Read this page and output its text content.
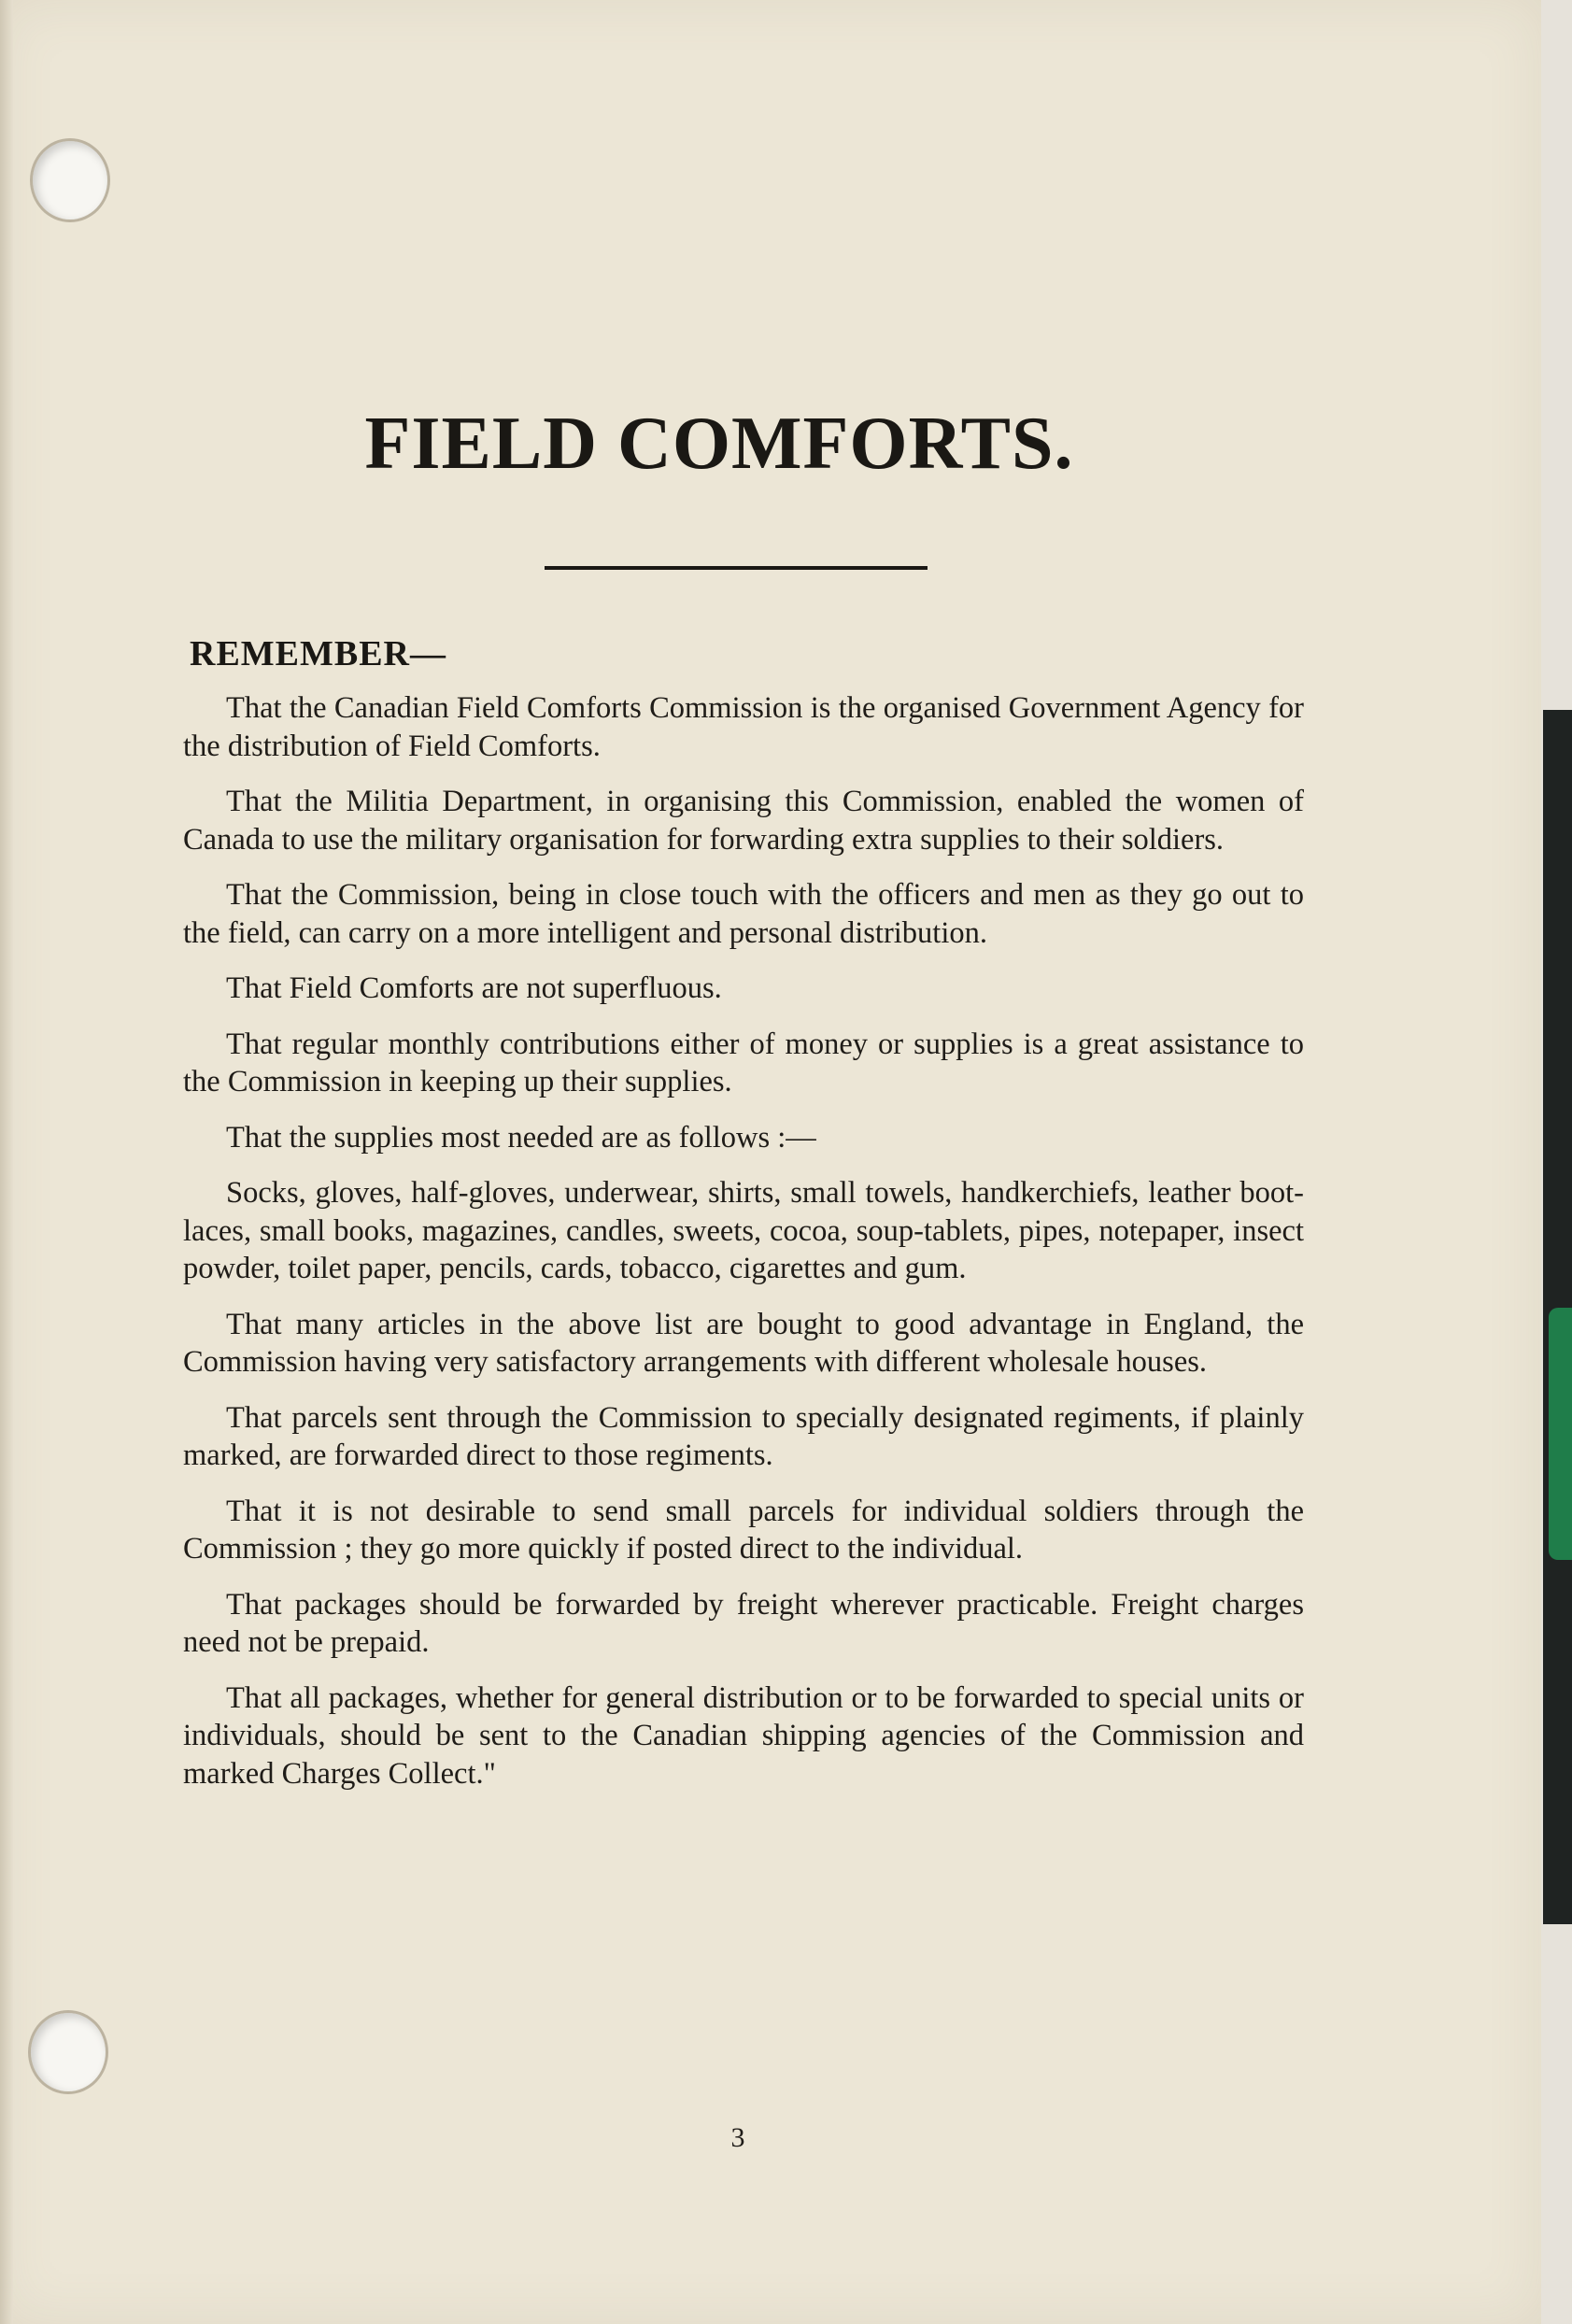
FIELD COMFORTS.
REMEMBER—

That the Canadian Field Comforts Commission is the organised Government Agency for the distribution of Field Comforts.

That the Militia Department, in organising this Commission, enabled the women of Canada to use the military organisation for forwarding extra supplies to their soldiers.

That the Commission, being in close touch with the officers and men as they go out to the field, can carry on a more intelligent and personal distribution.

That Field Comforts are not superfluous.

That regular monthly contributions either of money or supplies is a great assistance to the Commission in keeping up their supplies.

That the supplies most needed are as follows :—

Socks, gloves, half-gloves, underwear, shirts, small towels, handkerchiefs, leather boot-laces, small books, magazines, candles, sweets, cocoa, soup-tablets, pipes, notepaper, insect powder, toilet paper, pencils, cards, tobacco, cigarettes and gum.

That many articles in the above list are bought to good advantage in England, the Commission having very satisfactory arrangements with different wholesale houses.

That parcels sent through the Commission to specially designated regiments, if plainly marked, are forwarded direct to those regiments.

That it is not desirable to send small parcels for individual soldiers through the Commission ; they go more quickly if posted direct to the individual.

That packages should be forwarded by freight wherever practicable. Freight charges need not be prepaid.

That all packages, whether for general distribution or to be forwarded to special units or individuals, should be sent to the Canadian shipping agencies of the Commission and marked Charges Collect."

3
